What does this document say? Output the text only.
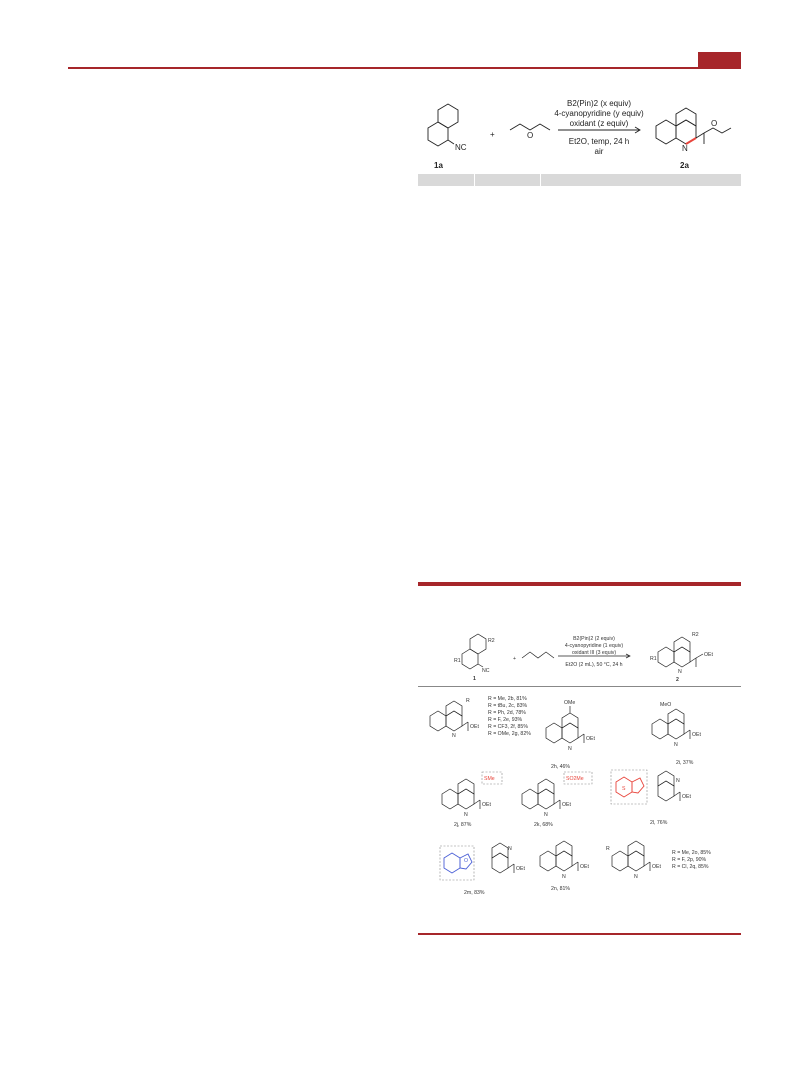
NC
1a
+	O
B2(Pin)2 (x equiv)
4-cyanopyridine (y equiv)
oxidant (z equiv)
Et2O, temp, 24 h
air	N
O
2a
R1
R2
NC
1
+
B2(Pin)2 (2 equiv)
4-cyanopyridine (1 equiv)
oxidant III (3 equiv)
Et2O (2 mL), 50 °C, 24 h
R1
R2
N
OEt
2
R
OEt
N
R = Me, 2b, 81%
R = tBu, 2c, 83%
R = Ph, 2d, 78%
R = F, 2e, 93%
R = CF3, 2f, 85%
R = OMe, 2g, 82%
OMe
OEt
N
2h, 46%
MeO
OEt
N
2i, 37%
SMe
OEt
N
2j, 87%
SO2Me
OEt
N
2k, 68%
S
OEt
N
2l, 76%
O
OEt
N
2m, 83%
OEt
N
2n, 81%
R
OEt
N
R = Me, 2o, 85%
R = F, 2p, 90%
R = Cl, 2q, 85%
